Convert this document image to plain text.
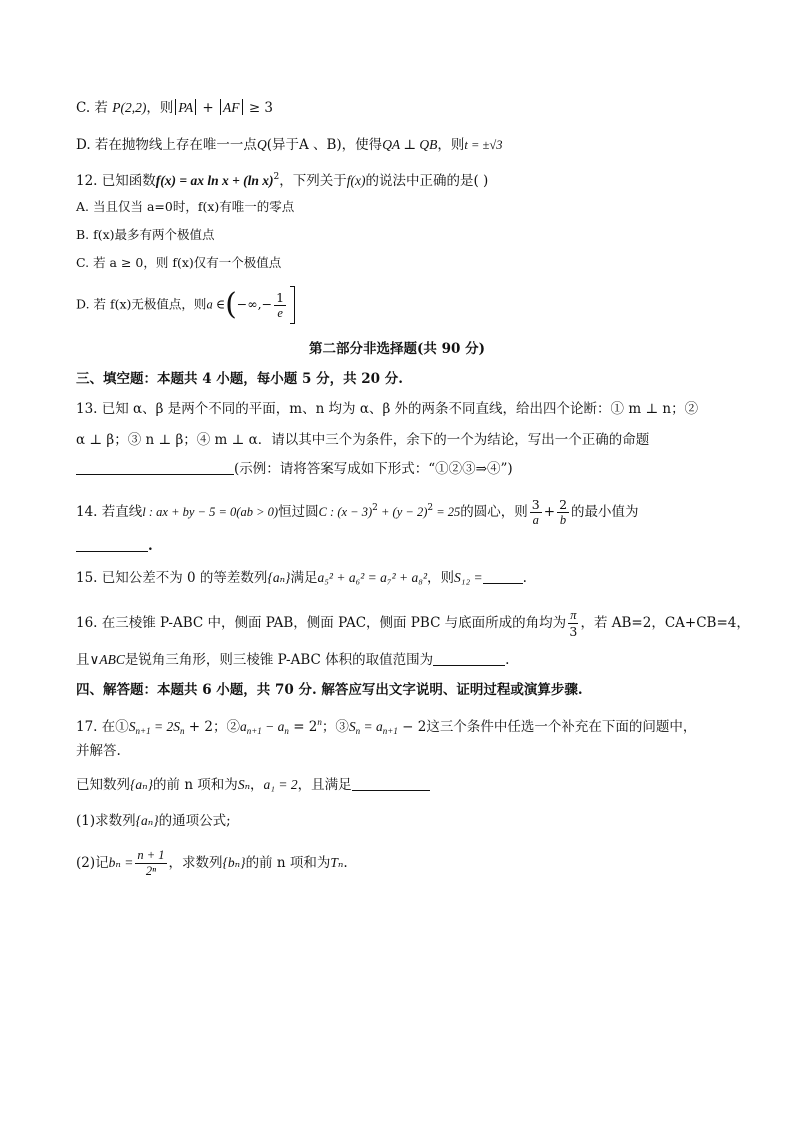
C. 若 P(2,2)，则 PA + AF ≥ 3
D. 若在抛物线上存在唯一一点Q(异于A 、B)，使得QA ⊥ QB，则t = ±√3
12. 已知函数f(x) = ax ln x + (ln x)$^2$，下列关于f(x)的说法中正确的是( )
A. 当且仅当 a=0时，f(x)有唯一的零点
B. f(x)最多有两个极值点
C. 若 a ≥ 0，则 f(x)仅有一个极值点
D. 若 f(x)无极值点，则a ∈(−∞,− $\frac{1}{e}$
第二部分非选择题(共 90 分)
三、填空题：本题共 4 小题，每小题 5 分，共 20 分.
13. 已知 α、β 是两个不同的平面，m、n 均为 α、β 外的两条不同直线，给出四个论断：① m ⊥ n；②
α ⊥ β；③ n ⊥ β；④ m ⊥ α．请以其中三个为条件，余下的一个为结论，写出一个正确的命题
(示例：请将答案写成如下形式：“①②③⇒④”)
14. 若直线l : ax + by − 5 = 0(ab > 0)恒过圆C : $(x - 3)^2 + (y - 2)^2 = 25$的圆心，则 $\frac{3}{a} + \frac{2}{b}$ 的最小值为
.
15. 已知公差不为 0 的等差数列{aₙ}满足a₅² + a₆² = a₇² + a₈²，则S₁₂ =	.
16. 在三棱锥 P-ABC 中，侧面 PAB，侧面 PAC，侧面 PBC 与底面所成的角均为 $\frac{\pi}{3}$ ，若 AB=2，CA+CB=4，
且∨ABC是锐角三角形，则三棱锥 P-ABC 体积的取值范围为	.
四、解答题：本题共 6 小题，共 70 分. 解答应写出文字说明、证明过程或演算步骤.
17. 在$①S_{n+1} = 2S_n + 2$；$②a_{n+1} - a_n = 2^n$；$③S_n = a_{n+1} - 2$这三个条件中任选一个补充在下面的问题中，
并解答.
已知数列{aₙ}的前 n 项和为Sₙ，a₁ = 2，且满足
(1)求数列{aₙ}的通项公式;
(2)记$b_n = \frac{n + 1}{\text{2ⁿ}}$ ，求数列{bₙ}的前 n 项和为Tₙ.
